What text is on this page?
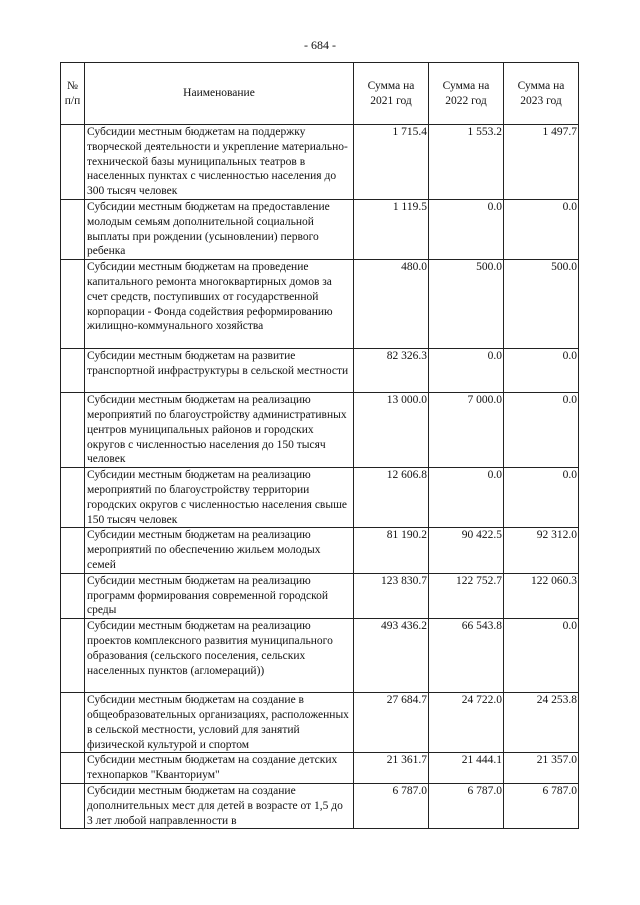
- 684 -
№ п/п	Наименование	Сумма на 2021 год	Сумма на 2022 год	Сумма на 2023 год
	Субсидии местным бюджетам на поддержку творческой деятельности и укрепление материально-технической базы муниципальных театров в населенных пунктах с численностью населения до 300 тысяч человек	1 715.4	1 553.2	1 497.7
	Субсидии местным бюджетам на предоставление молодым семьям дополнительной социальной выплаты при рождении (усыновлении) первого ребенка	1 119.5	0.0	0.0
	Субсидии местным бюджетам на проведение капитального ремонта многоквартирных домов за счет средств, поступивших от государственной корпорации - Фонда содействия реформированию жилищно-коммунального хозяйства	480.0	500.0	500.0
	Субсидии местным бюджетам на развитие транспортной инфраструктуры в сельской местности	82 326.3	0.0	0.0
	Субсидии местным бюджетам на реализацию мероприятий по благоустройству административных центров муниципальных районов и городских округов с численностью населения до 150 тысяч человек	13 000.0	7 000.0	0.0
	Субсидии местным бюджетам на реализацию мероприятий по благоустройству территории городских округов с численностью населения свыше 150 тысяч человек	12 606.8	0.0	0.0
	Субсидии местным бюджетам на реализацию мероприятий по обеспечению жильем молодых семей	81 190.2	90 422.5	92 312.0
	Субсидии местным бюджетам на реализацию программ формирования современной городской среды	123 830.7	122 752.7	122 060.3
	Субсидии местным бюджетам на реализацию проектов комплексного развития муниципального образования (сельского поселения, сельских населенных пунктов (агломераций))	493 436.2	66 543.8	0.0
	Субсидии местным бюджетам на создание в общеобразовательных организациях, расположенных в сельской местности, условий для занятий физической культурой и спортом	27 684.7	24 722.0	24 253.8
	Субсидии местным бюджетам на создание детских технопарков "Кванториум"	21 361.7	21 444.1	21 357.0
	Субсидии местным бюджетам на создание дополнительных мест для детей в возрасте от 1,5 до 3 лет любой направленности в	6 787.0	6 787.0	6 787.0
